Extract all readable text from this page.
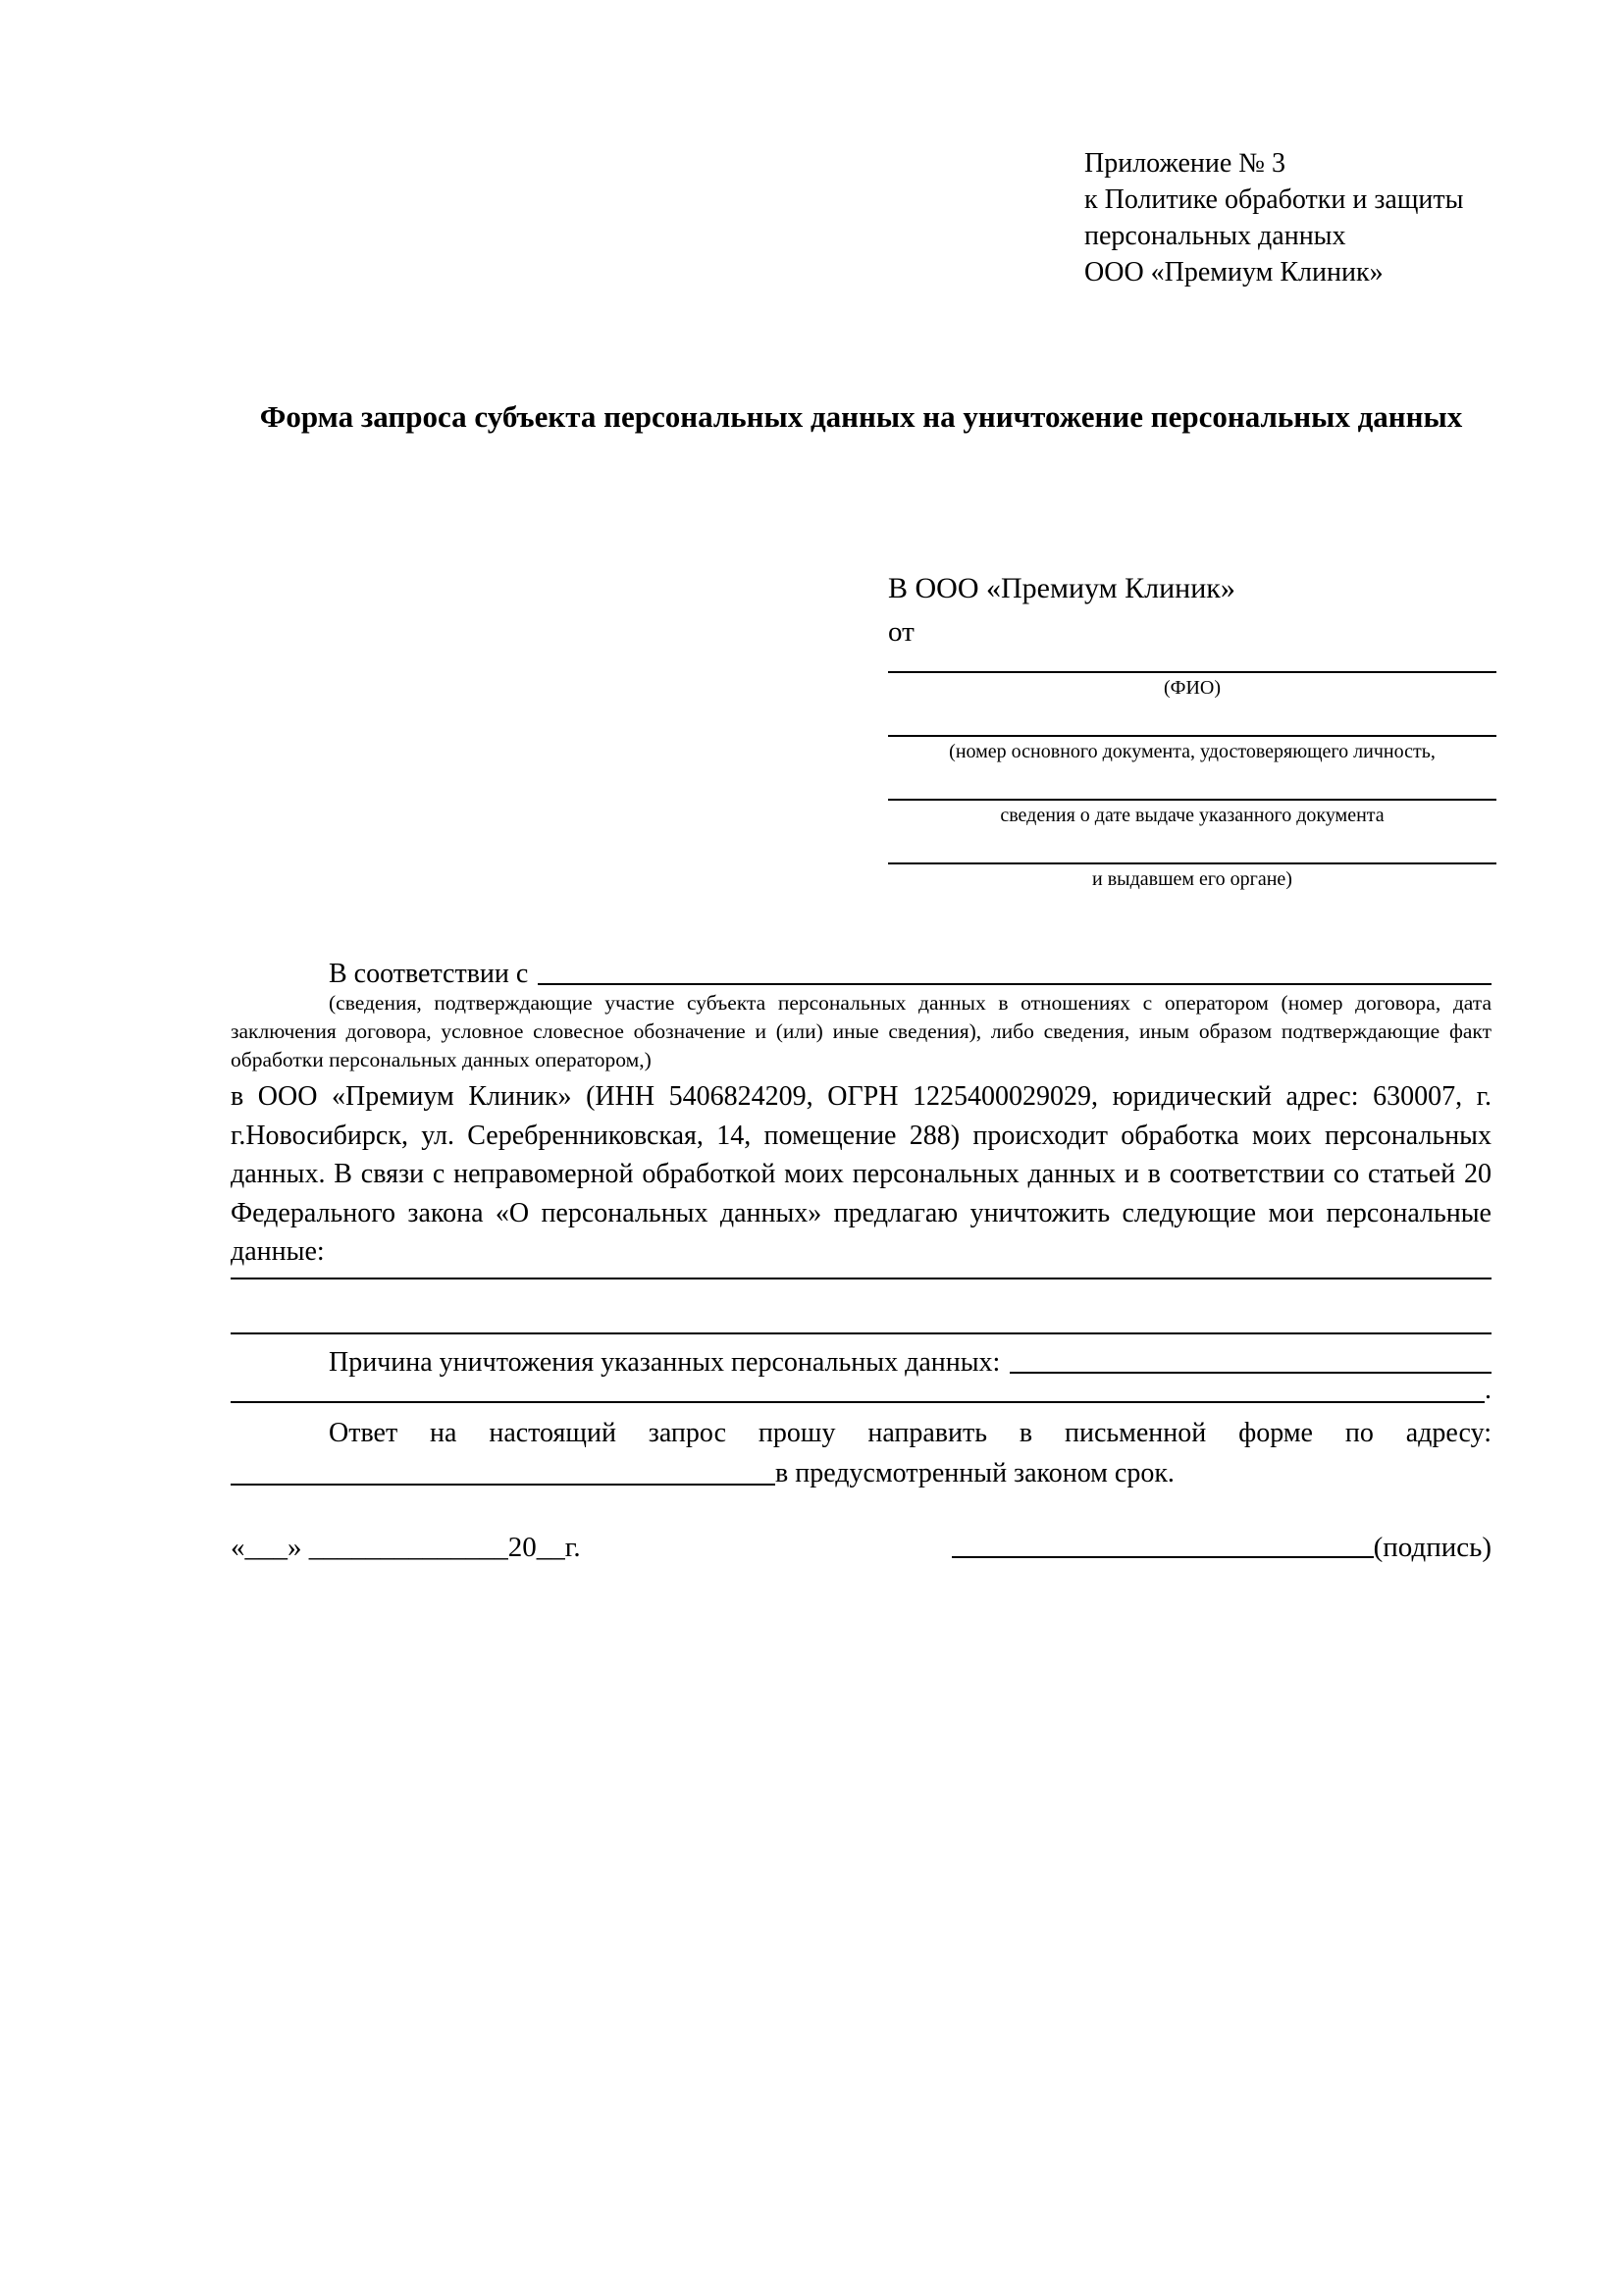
Приложение № 3
к Политике обработки и защиты
персональных данных
ООО «Премиум Клиник»
Форма запроса субъекта персональных данных на уничтожение персональных данных
В ООО «Премиум Клиник»
от
(ФИО)
(номер основного документа, удостоверяющего личность,
сведения о дате выдаче указанного документа
и выдавшем его органе)
В соответствии с
(сведения, подтверждающие участие субъекта персональных данных в отношениях с оператором (номер договора, дата заключения договора, условное словесное обозначение и (или) иные сведения), либо сведения, иным образом подтверждающие факт обработки персональных данных оператором,)
в ООО «Премиум Клиник» (ИНН 5406824209, ОГРН 1225400029029, юридический адрес: 630007, г. г.Новосибирск, ул. Серебренниковская, 14, помещение 288) происходит обработка моих персональных данных. В связи с неправомерной обработкой моих персональных данных и в соответствии со статьей 20 Федерального закона «О персональных данных» предлагаю уничтожить следующие мои персональные данные:
Причина уничтожения указанных персональных данных:
.
Ответ на настоящий запрос прошу направить в письменной форме по адресу:
в предусмотренный законом срок.
«___» ______________20__г.	(подпись)
